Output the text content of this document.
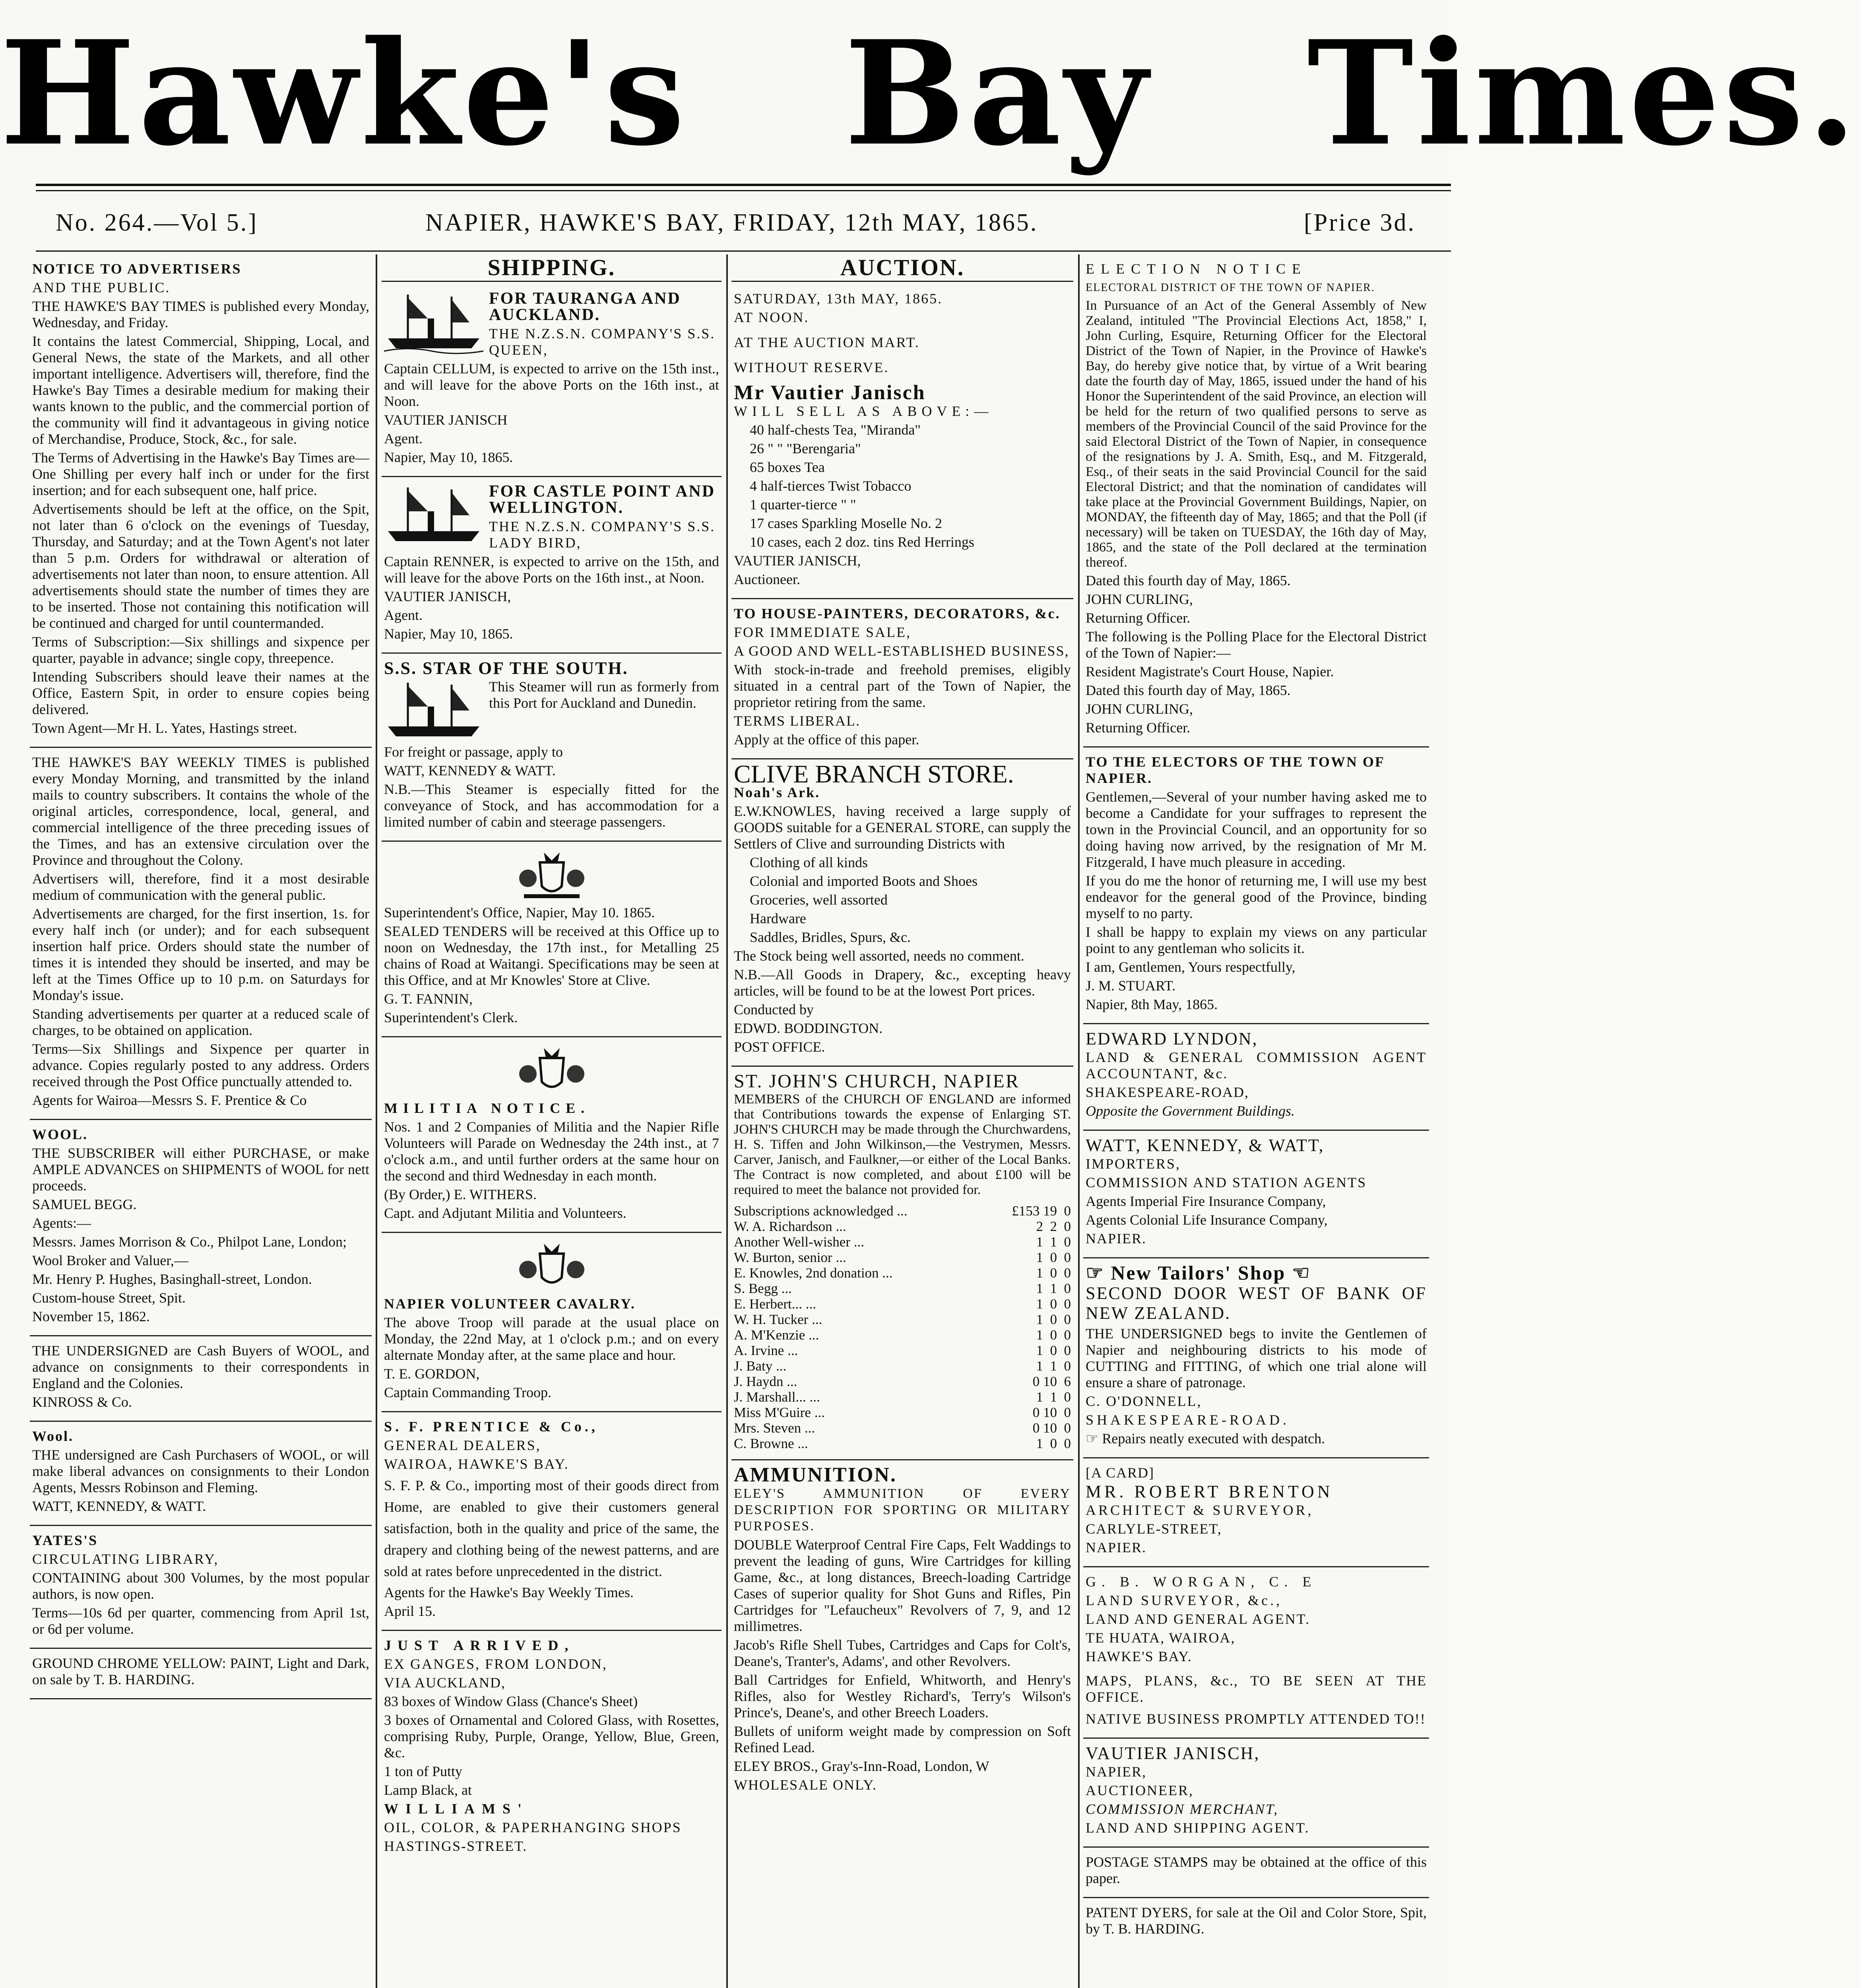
Hawke's Bay Times.
No. 264.—Vol 5.]	NAPIER, HAWKE'S BAY, FRIDAY, 12th MAY, 1865.	[Price 3d.

NOTICE TO ADVERTISERS

AND THE PUBLIC.

THE HAWKE'S BAY TIMES is published every Monday, Wednesday, and Friday.

It contains the latest Commercial, Shipping, Local, and General News, the state of the Markets, and all other important intelligence. Advertisers will, therefore, find the Hawke's Bay Times a desirable medium for making their wants known to the public, and the commercial portion of the community will find it advantageous in giving notice of Merchandise, Produce, Stock, &c., for sale.

The Terms of Advertising in the Hawke's Bay Times are—One Shilling per every half inch or under for the first insertion; and for each subsequent one, half price.

Advertisements should be left at the office, on the Spit, not later than 6 o'clock on the evenings of Tuesday, Thursday, and Saturday; and at the Town Agent's not later than 5 p.m. Orders for withdrawal or alteration of advertisements not later than noon, to ensure attention. All advertisements should state the number of times they are to be inserted. Those not containing this notification will be continued and charged for until countermanded.

Terms of Subscription:—Six shillings and sixpence per quarter, payable in advance; single copy, threepence.

Intending Subscribers should leave their names at the Office, Eastern Spit, in order to ensure copies being delivered.

Town Agent—Mr H. L. Yates, Hastings street.

THE HAWKE'S BAY WEEKLY TIMES is published every Monday Morning, and transmitted by the inland mails to country subscribers. It contains the whole of the original articles, correspondence, local, general, and commercial intelligence of the three preceding issues of the Times, and has an extensive circulation over the Province and throughout the Colony.

Advertisers will, therefore, find it a most desirable medium of communication with the general public.

Advertisements are charged, for the first insertion, 1s. for every half inch (or under); and for each subsequent insertion half price. Orders should state the number of times it is intended they should be inserted, and may be left at the Times Office up to 10 p.m. on Saturdays for Monday's issue.

Standing advertisements per quarter at a reduced scale of charges, to be obtained on application.

Terms—Six Shillings and Sixpence per quarter in advance. Copies regularly posted to any address. Orders received through the Post Office punctually attended to.

Agents for Wairoa—Messrs S. F. Prentice & Co

WOOL.

THE SUBSCRIBER will either PURCHASE, or make AMPLE ADVANCES on SHIPMENTS of WOOL for nett proceeds.

SAMUEL BEGG.

Agents:—

Messrs. James Morrison & Co., Philpot Lane, London;

Wool Broker and Valuer,—

Mr. Henry P. Hughes, Basinghall-street, London.

Custom-house Street, Spit.

November 15, 1862.

THE UNDERSIGNED are Cash Buyers of WOOL, and advance on consignments to their correspondents in England and the Colonies.

KINROSS & Co.

Wool.

THE undersigned are Cash Purchasers of WOOL, or will make liberal advances on consignments to their London Agents, Messrs Robinson and Fleming.

WATT, KENNEDY, & WATT.

YATES'S

CIRCULATING LIBRARY,

CONTAINING about 300 Volumes, by the most popular authors, is now open.

Terms—10s 6d per quarter, commencing from April 1st, or 6d per volume.

GROUND CHROME YELLOW: PAINT, Light and Dark, on sale by T. B. HARDING.

SHIPPING.

FOR TAURANGA AND AUCKLAND.

THE N.Z.S.N. COMPANY'S S.S. QUEEN,

Captain CELLUM, is expected to arrive on the 15th inst., and will leave for the above Ports on the 16th inst., at Noon.

VAUTIER JANISCH

Agent.

Napier, May 10, 1865.

FOR CASTLE POINT AND WELLINGTON.

THE N.Z.S.N. COMPANY'S S.S. LADY BIRD,

Captain RENNER, is expected to arrive on the 15th, and will leave for the above Ports on the 16th inst., at Noon.

VAUTIER JANISCH,

Agent.

Napier, May 10, 1865.

S.S. STAR OF THE SOUTH.

This Steamer will run as formerly from this Port for Auckland and Dunedin.

For freight or passage, apply to

WATT, KENNEDY & WATT.

N.B.—This Steamer is especially fitted for the conveyance of Stock, and has accommodation for a limited number of cabin and steerage passengers.

Superintendent's Office, Napier, May 10. 1865.

SEALED TENDERS will be received at this Office up to noon on Wednesday, the 17th inst., for Metalling 25 chains of Road at Waitangi. Specifications may be seen at this Office, and at Mr Knowles' Store at Clive.

G. T. FANNIN,

Superintendent's Clerk.

MILITIA NOTICE.

Nos. 1 and 2 Companies of Militia and the Napier Rifle Volunteers will Parade on Wednesday the 24th inst., at 7 o'clock a.m., and until further orders at the same hour on the second and third Wednesday in each month.

(By Order,) E. WITHERS.

Capt. and Adjutant Militia and Volunteers.

NAPIER VOLUNTEER CAVALRY.

The above Troop will parade at the usual place on Monday, the 22nd May, at 1 o'clock p.m.; and on every alternate Monday after, at the same place and hour.

T. E. GORDON,

Captain Commanding Troop.

S. F. PRENTICE & Co.,

GENERAL DEALERS,

WAIROA, HAWKE'S BAY.

S. F. P. & Co., importing most of their goods direct from Home, are enabled to give their customers general satisfaction, both in the quality and price of the same, the drapery and clothing being of the newest patterns, and are sold at rates before unprecedented in the district.

Agents for the Hawke's Bay Weekly Times.

April 15.

JUST ARRIVED,

EX GANGES, FROM LONDON,

VIA AUCKLAND,

83 boxes of Window Glass (Chance's Sheet)

3 boxes of Ornamental and Colored Glass, with Rosettes, comprising Ruby, Purple, Orange, Yellow, Blue, Green, &c.

1 ton of Putty

Lamp Black, at

WILLIAMS'

OIL, COLOR, & PAPERHANGING SHOPS

HASTINGS-STREET.

AUCTION.

SATURDAY, 13th MAY, 1865.

AT NOON.

AT THE AUCTION MART.

WITHOUT RESERVE.

Mr Vautier Janisch

WILL SELL AS ABOVE:—

40 half-chests Tea, "Miranda"

26 " " "Berengaria"

65 boxes Tea

4 half-tierces Twist Tobacco

1 quarter-tierce " "

17 cases Sparkling Moselle No. 2

10 cases, each 2 doz. tins Red Herrings

VAUTIER JANISCH,

Auctioneer.

TO HOUSE-PAINTERS, DECORATORS, &c.

FOR IMMEDIATE SALE,

A GOOD AND WELL-ESTABLISHED BUSINESS,

With stock-in-trade and freehold premises, eligibly situated in a central part of the Town of Napier, the proprietor retiring from the same.

TERMS LIBERAL.

Apply at the office of this paper.

CLIVE BRANCH STORE.

Noah's Ark.

E.W.KNOWLES, having received a large supply of GOODS suitable for a GENERAL STORE, can supply the Settlers of Clive and surrounding Districts with

Clothing of all kinds

Colonial and imported Boots and Shoes

Groceries, well assorted

Hardware

Saddles, Bridles, Spurs, &c.

The Stock being well assorted, needs no comment.

N.B.—All Goods in Drapery, &c., excepting heavy articles, will be found to be at the lowest Port prices.

Conducted by

EDWD. BODDINGTON.

POST OFFICE.

ST. JOHN'S CHURCH, NAPIER

MEMBERS of the CHURCH OF ENGLAND are informed that Contributions towards the expense of Enlarging ST. JOHN'S CHURCH may be made through the Churchwardens, H. S. Tiffen and John Wilkinson,—the Vestrymen, Messrs. Carver, Janisch, and Faulkner,—or either of the Local Banks. The Contract is now completed, and about £100 will be required to meet the balance not provided for.

Subscriptions acknowledged ...	£153 19  0
W. A. Richardson ...	2  2  0
Another Well-wisher ...	1  1  0
W. Burton, senior ...	1  0  0
E. Knowles, 2nd donation ...	1  0  0
S. Begg ...	1  1  0
E. Herbert... ...	1  0  0
W. H. Tucker ...	1  0  0
A. M'Kenzie ...	1  0  0
A. Irvine ...	1  0  0
J. Baty ...	1  1  0
J. Haydn ...	0 10  6
J. Marshall... ...	1  1  0
Miss M'Guire ...	0 10  0
Mrs. Steven ...	0 10  0
C. Browne ...	1  0  0

AMMUNITION.

ELEY'S AMMUNITION OF EVERY DESCRIPTION FOR SPORTING OR MILITARY PURPOSES.

DOUBLE Waterproof Central Fire Caps, Felt Waddings to prevent the leading of guns, Wire Cartridges for killing Game, &c., at long distances, Breech-loading Cartridge Cases of superior quality for Shot Guns and Rifles, Pin Cartridges for "Lefaucheux" Revolvers of 7, 9, and 12 millimetres.

Jacob's Rifle Shell Tubes, Cartridges and Caps for Colt's, Deane's, Tranter's, Adams', and other Revolvers.

Ball Cartridges for Enfield, Whitworth, and Henry's Rifles, also for Westley Richard's, Terry's Wilson's Prince's, Deane's, and other Breech Loaders.

Bullets of uniform weight made by compression on Soft Refined Lead.

ELEY BROS., Gray's-Inn-Road, London, W

WHOLESALE ONLY.

ELECTION NOTICE

ELECTORAL DISTRICT OF THE TOWN OF NAPIER.

In Pursuance of an Act of the General Assembly of New Zealand, intituled "The Provincial Elections Act, 1858," I, John Curling, Esquire, Returning Officer for the Electoral District of the Town of Napier, in the Province of Hawke's Bay, do hereby give notice that, by virtue of a Writ bearing date the fourth day of May, 1865, issued under the hand of his Honor the Superintendent of the said Province, an election will be held for the return of two qualified persons to serve as members of the Provincial Council of the said Province for the said Electoral District of the Town of Napier, in consequence of the resignations by J. A. Smith, Esq., and M. Fitzgerald, Esq., of their seats in the said Provincial Council for the said Electoral District; and that the nomination of candidates will take place at the Provincial Government Buildings, Napier, on MONDAY, the fifteenth day of May, 1865; and that the Poll (if necessary) will be taken on TUESDAY, the 16th day of May, 1865, and the state of the Poll declared at the termination thereof.

Dated this fourth day of May, 1865.

JOHN CURLING,

Returning Officer.

The following is the Polling Place for the Electoral District of the Town of Napier:—

Resident Magistrate's Court House, Napier.

Dated this fourth day of May, 1865.

JOHN CURLING,

Returning Officer.

TO THE ELECTORS OF THE TOWN OF NAPIER.

Gentlemen,—Several of your number having asked me to become a Candidate for your suffrages to represent the town in the Provincial Council, and an opportunity for so doing having now arrived, by the resignation of Mr M. Fitzgerald, I have much pleasure in acceding.

If you do me the honor of returning me, I will use my best endeavor for the general good of the Province, binding myself to no party.

I shall be happy to explain my views on any particular point to any gentleman who solicits it.

I am, Gentlemen, Yours respectfully,

J. M. STUART.

Napier, 8th May, 1865.

EDWARD LYNDON,

LAND & GENERAL COMMISSION AGENT ACCOUNTANT, &c.

SHAKESPEARE-ROAD,

Opposite the Government Buildings.

WATT, KENNEDY, & WATT,

IMPORTERS,

COMMISSION AND STATION AGENTS

Agents Imperial Fire Insurance Company,

Agents Colonial Life Insurance Company,

NAPIER.

☞ New Tailors' Shop ☜

SECOND DOOR WEST OF BANK OF NEW ZEALAND.

THE UNDERSIGNED begs to invite the Gentlemen of Napier and neighbouring districts to his mode of CUTTING and FITTING, of which one trial alone will ensure a share of patronage.

C. O'DONNELL,

SHAKESPEARE-ROAD.

☞ Repairs neatly executed with despatch.

[A CARD]

MR. ROBERT BRENTON

ARCHITECT & SURVEYOR,

CARLYLE-STREET,

NAPIER.

G. B. WORGAN, C. E

LAND SURVEYOR, &c.,

LAND AND GENERAL AGENT.

TE HUATA, WAIROA,

HAWKE'S BAY.

MAPS, PLANS, &c., TO BE SEEN AT THE OFFICE.

NATIVE BUSINESS PROMPTLY ATTENDED TO!!

VAUTIER JANISCH,

NAPIER,

AUCTIONEER,

COMMISSION MERCHANT,

LAND AND SHIPPING AGENT.

POSTAGE STAMPS may be obtained at the office of this paper.

PATENT DYERS, for sale at the Oil and Color Store, Spit, by T. B. HARDING.
